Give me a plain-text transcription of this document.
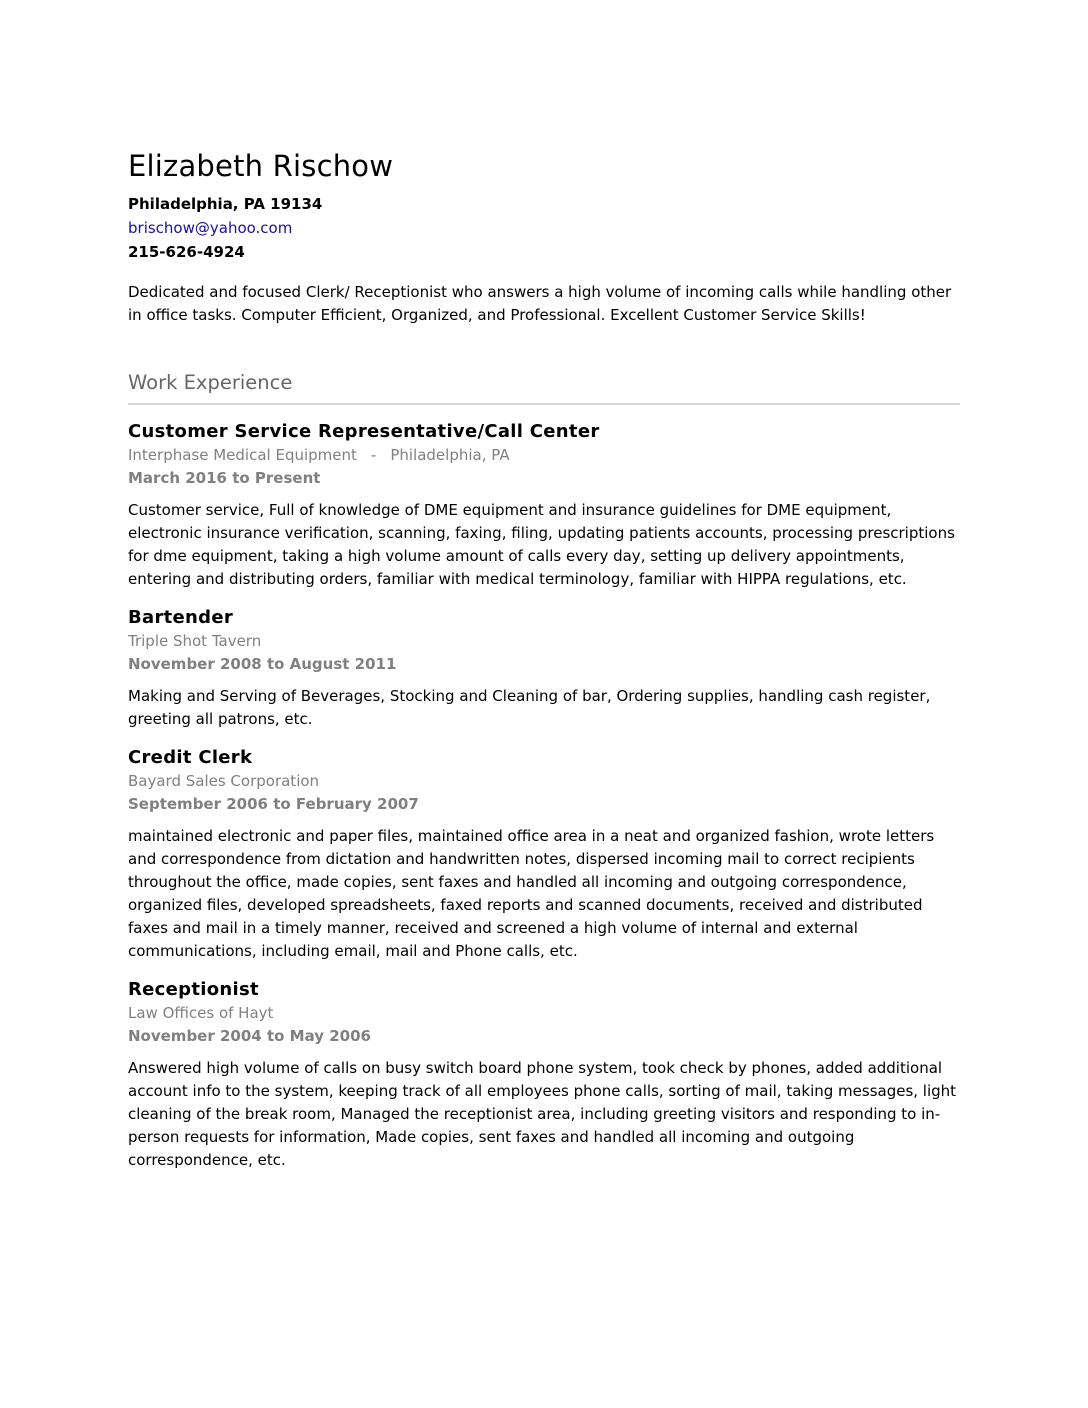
Elizabeth Rischow
Philadelphia, PA 19134
brischow@yahoo.com
215-626-4924
Dedicated and focused Clerk/ Receptionist who answers a high volume of incoming calls while handling other in office tasks. Computer Efficient, Organized, and Professional. Excellent Customer Service Skills!
Work Experience
Customer Service Representative/Call Center
Interphase Medical Equipment - Philadelphia, PA
March 2016 to Present
Customer service, Full of knowledge of DME equipment and insurance guidelines for DME equipment, electronic insurance verification, scanning, faxing, filing, updating patients accounts, processing prescriptions for dme equipment, taking a high volume amount of calls every day, setting up delivery appointments, entering and distributing orders, familiar with medical terminology, familiar with HIPPA regulations, etc.
Bartender
Triple Shot Tavern
November 2008 to August 2011
Making and Serving of Beverages, Stocking and Cleaning of bar, Ordering supplies, handling cash register, greeting all patrons, etc.
Credit Clerk
Bayard Sales Corporation
September 2006 to February 2007
maintained electronic and paper files, maintained office area in a neat and organized fashion, wrote letters and correspondence from dictation and handwritten notes, dispersed incoming mail to correct recipients throughout the office, made copies, sent faxes and handled all incoming and outgoing correspondence, organized files, developed spreadsheets, faxed reports and scanned documents, received and distributed faxes and mail in a timely manner, received and screened a high volume of internal and external communications, including email, mail and Phone calls, etc.
Receptionist
Law Offices of Hayt
November 2004 to May 2006
Answered high volume of calls on busy switch board phone system, took check by phones, added additional account info to the system, keeping track of all employees phone calls, sorting of mail, taking messages, light cleaning of the break room, Managed the receptionist area, including greeting visitors and responding to in-person requests for information, Made copies, sent faxes and handled all incoming and outgoing correspondence, etc.
